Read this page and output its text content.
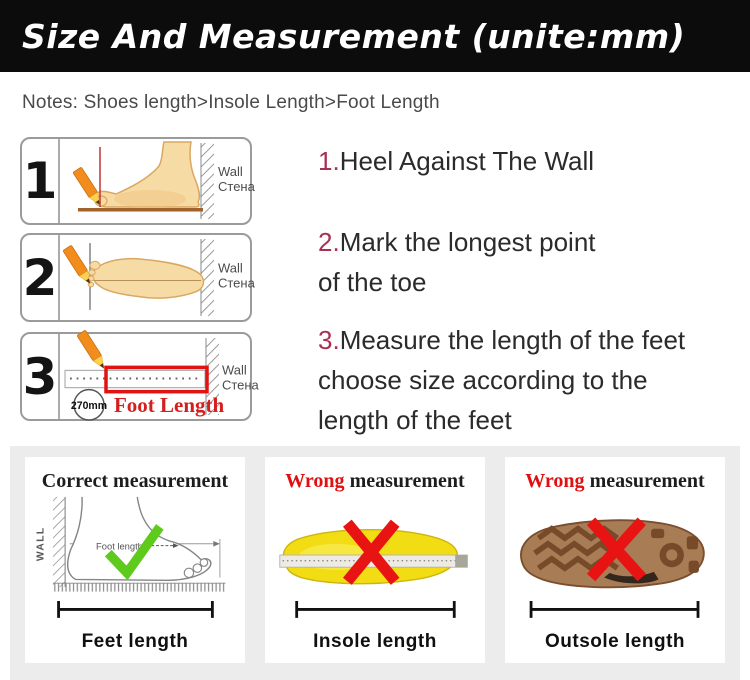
Size And Measurement (unite:mm)
Notes: Shoes length>Insole Length>Foot Length
1	Wall
Стена
2	Wall
Стена
3	Wall
Стена
270mm Foot Length
1.Heel Against The Wall
2.Mark the longest point
of the toe
3.Measure the length of the feet
choose size according to the
length of the feet
Correct measurement
WALL	Foot length
Feet length
Wrong measurement
Insole length
Wrong measurement
Outsole length
